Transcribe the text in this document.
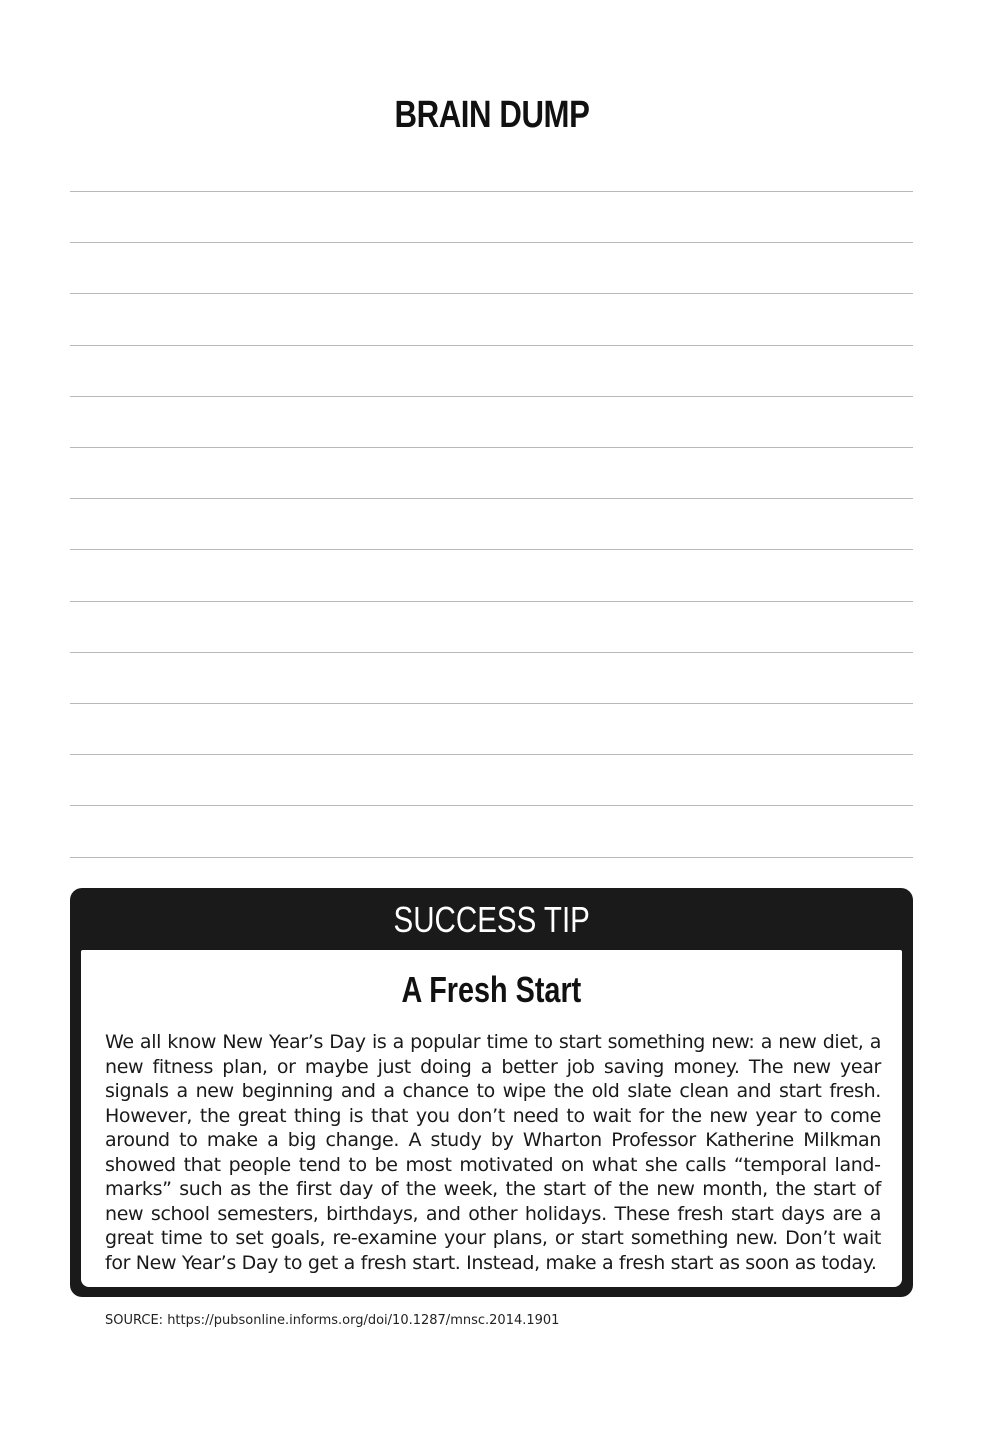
BRAIN DUMP
SUCCESS TIP
A Fresh Start

We all know New Year’s Day is a popular time to start something new: a new diet, a new fitness plan, or maybe just doing a better job saving money. The new year signals a new beginning and a chance to wipe the old slate clean and start fresh. However, the great thing is that you don’t need to wait for the new year to come around to make a big change. A study by Wharton Professor Katherine Milkman showed that people tend to be most motivated on what she calls “temporal landmarks” such as the first day of the week, the start of the new month, the start of new school semesters, birthdays, and other holidays. These fresh start days are a great time to set goals, re-examine your plans, or start something new. Don’t wait for New Year’s Day to get a fresh start. Instead, make a fresh start as soon as today.

SOURCE: https://pubsonline.informs.org/doi/10.1287/mnsc.2014.1901
